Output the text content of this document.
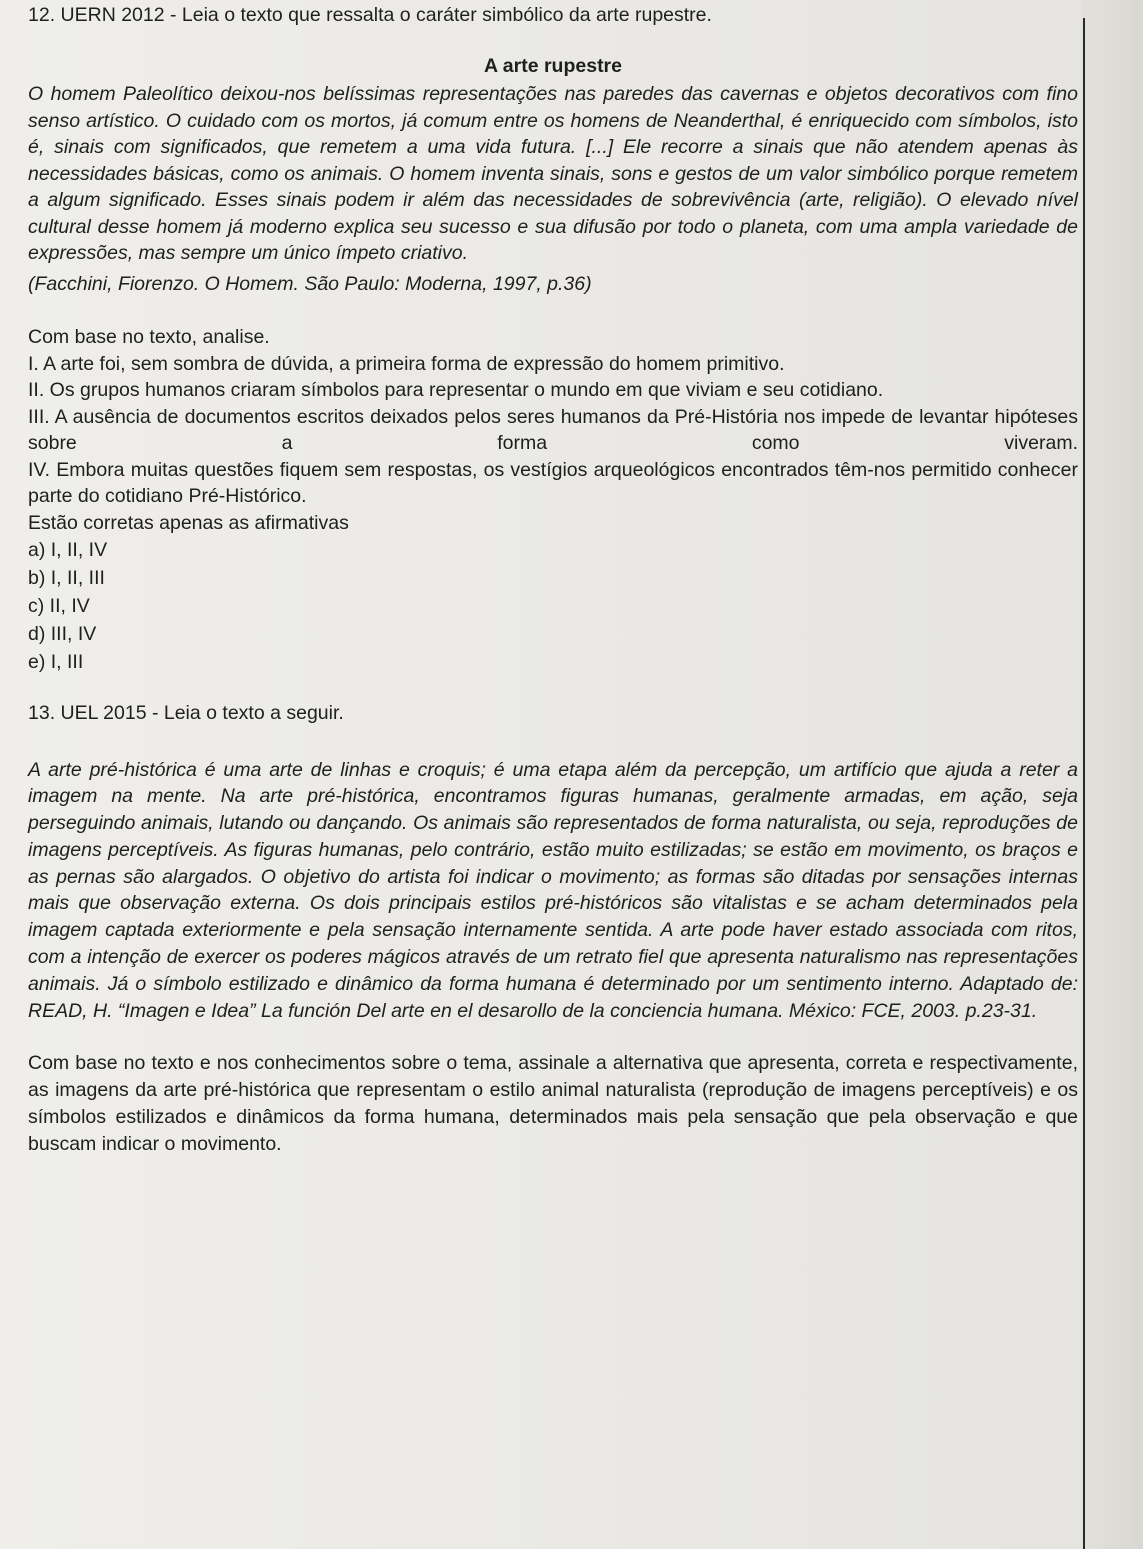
12. UERN 2012 - Leia o texto que ressalta o caráter simbólico da arte rupestre.

A arte rupestre

O homem Paleolítico deixou-nos belíssimas representações nas paredes das cavernas e objetos decorativos com fino senso artístico. O cuidado com os mortos, já comum entre os homens de Neanderthal, é enriquecido com símbolos, isto é, sinais com significados, que remetem a uma vida futura. [...] Ele recorre a sinais que não atendem apenas às necessidades básicas, como os animais. O homem inventa sinais, sons e gestos de um valor simbólico porque remetem a algum significado. Esses sinais podem ir além das necessidades de sobrevivência (arte, religião). O elevado nível cultural desse homem já moderno explica seu sucesso e sua difusão por todo o planeta, com uma ampla variedade de expressões, mas sempre um único ímpeto criativo.

(Facchini, Fiorenzo. O Homem. São Paulo: Moderna, 1997, p.36)
Com base no texto, analise.

I. A arte foi, sem sombra de dúvida, a primeira forma de expressão do homem primitivo.

II. Os grupos humanos criaram símbolos para representar o mundo em que viviam e seu cotidiano.

III. A ausência de documentos escritos deixados pelos seres humanos da Pré-História nos impede de levantar hipóteses sobre a forma como viveram.

IV. Embora muitas questões fiquem sem respostas, os vestígios arqueológicos encontrados têm-nos permitido conhecer parte do cotidiano Pré-Histórico.

Estão corretas apenas as afirmativas
a) I, II, IV
b) I, II, III
c) II, IV
d) III, IV
e) I, III

13. UEL 2015 - Leia o texto a seguir.

A arte pré-histórica é uma arte de linhas e croquis; é uma etapa além da percepção, um artifício que ajuda a reter a imagem na mente. Na arte pré-histórica, encontramos figuras humanas, geralmente armadas, em ação, seja perseguindo animais, lutando ou dançando. Os animais são representados de forma naturalista, ou seja, reproduções de imagens perceptíveis. As figuras humanas, pelo contrário, estão muito estilizadas; se estão em movimento, os braços e as pernas são alargados. O objetivo do artista foi indicar o movimento; as formas são ditadas por sensações internas mais que observação externa. Os dois principais estilos pré-históricos são vitalistas e se acham determinados pela imagem captada exteriormente e pela sensação internamente sentida. A arte pode haver estado associada com ritos, com a intenção de exercer os poderes mágicos através de um retrato fiel que apresenta naturalismo nas representações animais. Já o símbolo estilizado e dinâmico da forma humana é determinado por um sentimento interno. Adaptado de: READ, H. “Imagen e Idea” La función Del arte en el desarollo de la conciencia humana. México: FCE, 2003. p.23-31.

Com base no texto e nos conhecimentos sobre o tema, assinale a alternativa que apresenta, correta e respectivamente, as imagens da arte pré-histórica que representam o estilo animal naturalista (reprodução de imagens perceptíveis) e os símbolos estilizados e dinâmicos da forma humana, determinados mais pela sensação que pela observação e que buscam indicar o movimento.
